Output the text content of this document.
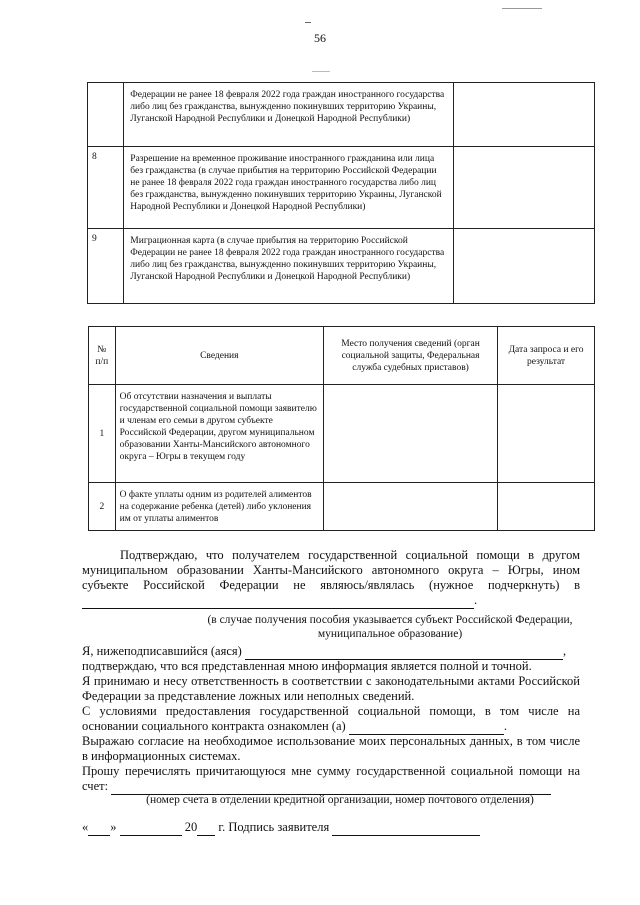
56
	Федерации не ранее 18 февраля 2022 года граждан иностранного государства либо лиц без гражданства, вынужденно покинувших территорию Украины, Луганской Народной Республики и Донецкой Народной Республики)	
8	Разрешение на временное проживание иностранного гражданина или лица без гражданства (в случае прибытия на территорию Российской Федерации не ранее 18 февраля 2022 года граждан иностранного государства либо лиц без гражданства, вынужденно покинувших территорию Украины, Луганской Народной Республики и Донецкой Народной Республики)	
9	Миграционная карта (в случае прибытия на территорию Российской Федерации не ранее 18 февраля 2022 года граждан иностранного государства либо лиц без гражданства, вынужденно покинувших территорию Украины, Луганской Народной Республики и Донецкой Народной Республики)	
№ п/п	Сведения	Место получения сведений (орган социальной защиты, Федеральная служба судебных приставов)	Дата запроса и его результат
1	Об отсутствии назначения и выплаты государственной социальной помощи заявителю и членам его семьи в другом субъекте Российской Федерации, другом муниципальном образовании Ханты-Мансийского автономного округа – Югры в текущем году		
2	О факте уплаты одним из родителей алиментов на содержание ребенка (детей) либо уклонения им от уплаты алиментов		
Подтверждаю, что получателем государственной социальной помощи в другом муниципальном образовании Ханты-Мансийского автономного округа – Югры, ином субъекте Российской Федерации не являюсь/являлась (нужное подчеркнуть) в  .
(в случае получения пособия указывается субъект Российской Федерации, муниципальное образование)
Я, нижеподписавшийся (аяся)	,
подтверждаю, что вся представленная мною информация является полной и точной.
Я принимаю и несу ответственность в соответствии с законодательными актами Российской Федерации за представление ложных или неполных сведений.
С условиями предоставления государственной социальной помощи, в том числе на основании социального контракта ознакомлен (а)	.
Выражаю согласие на необходимое использование моих персональных данных, в том числе в информационных системах.
Прошу перечислять причитающуюся мне сумму государственной социальной помощи на счет:
(номер счета в отделении кредитной организации, номер почтового отделения)
« »	20 г. Подпись заявителя
